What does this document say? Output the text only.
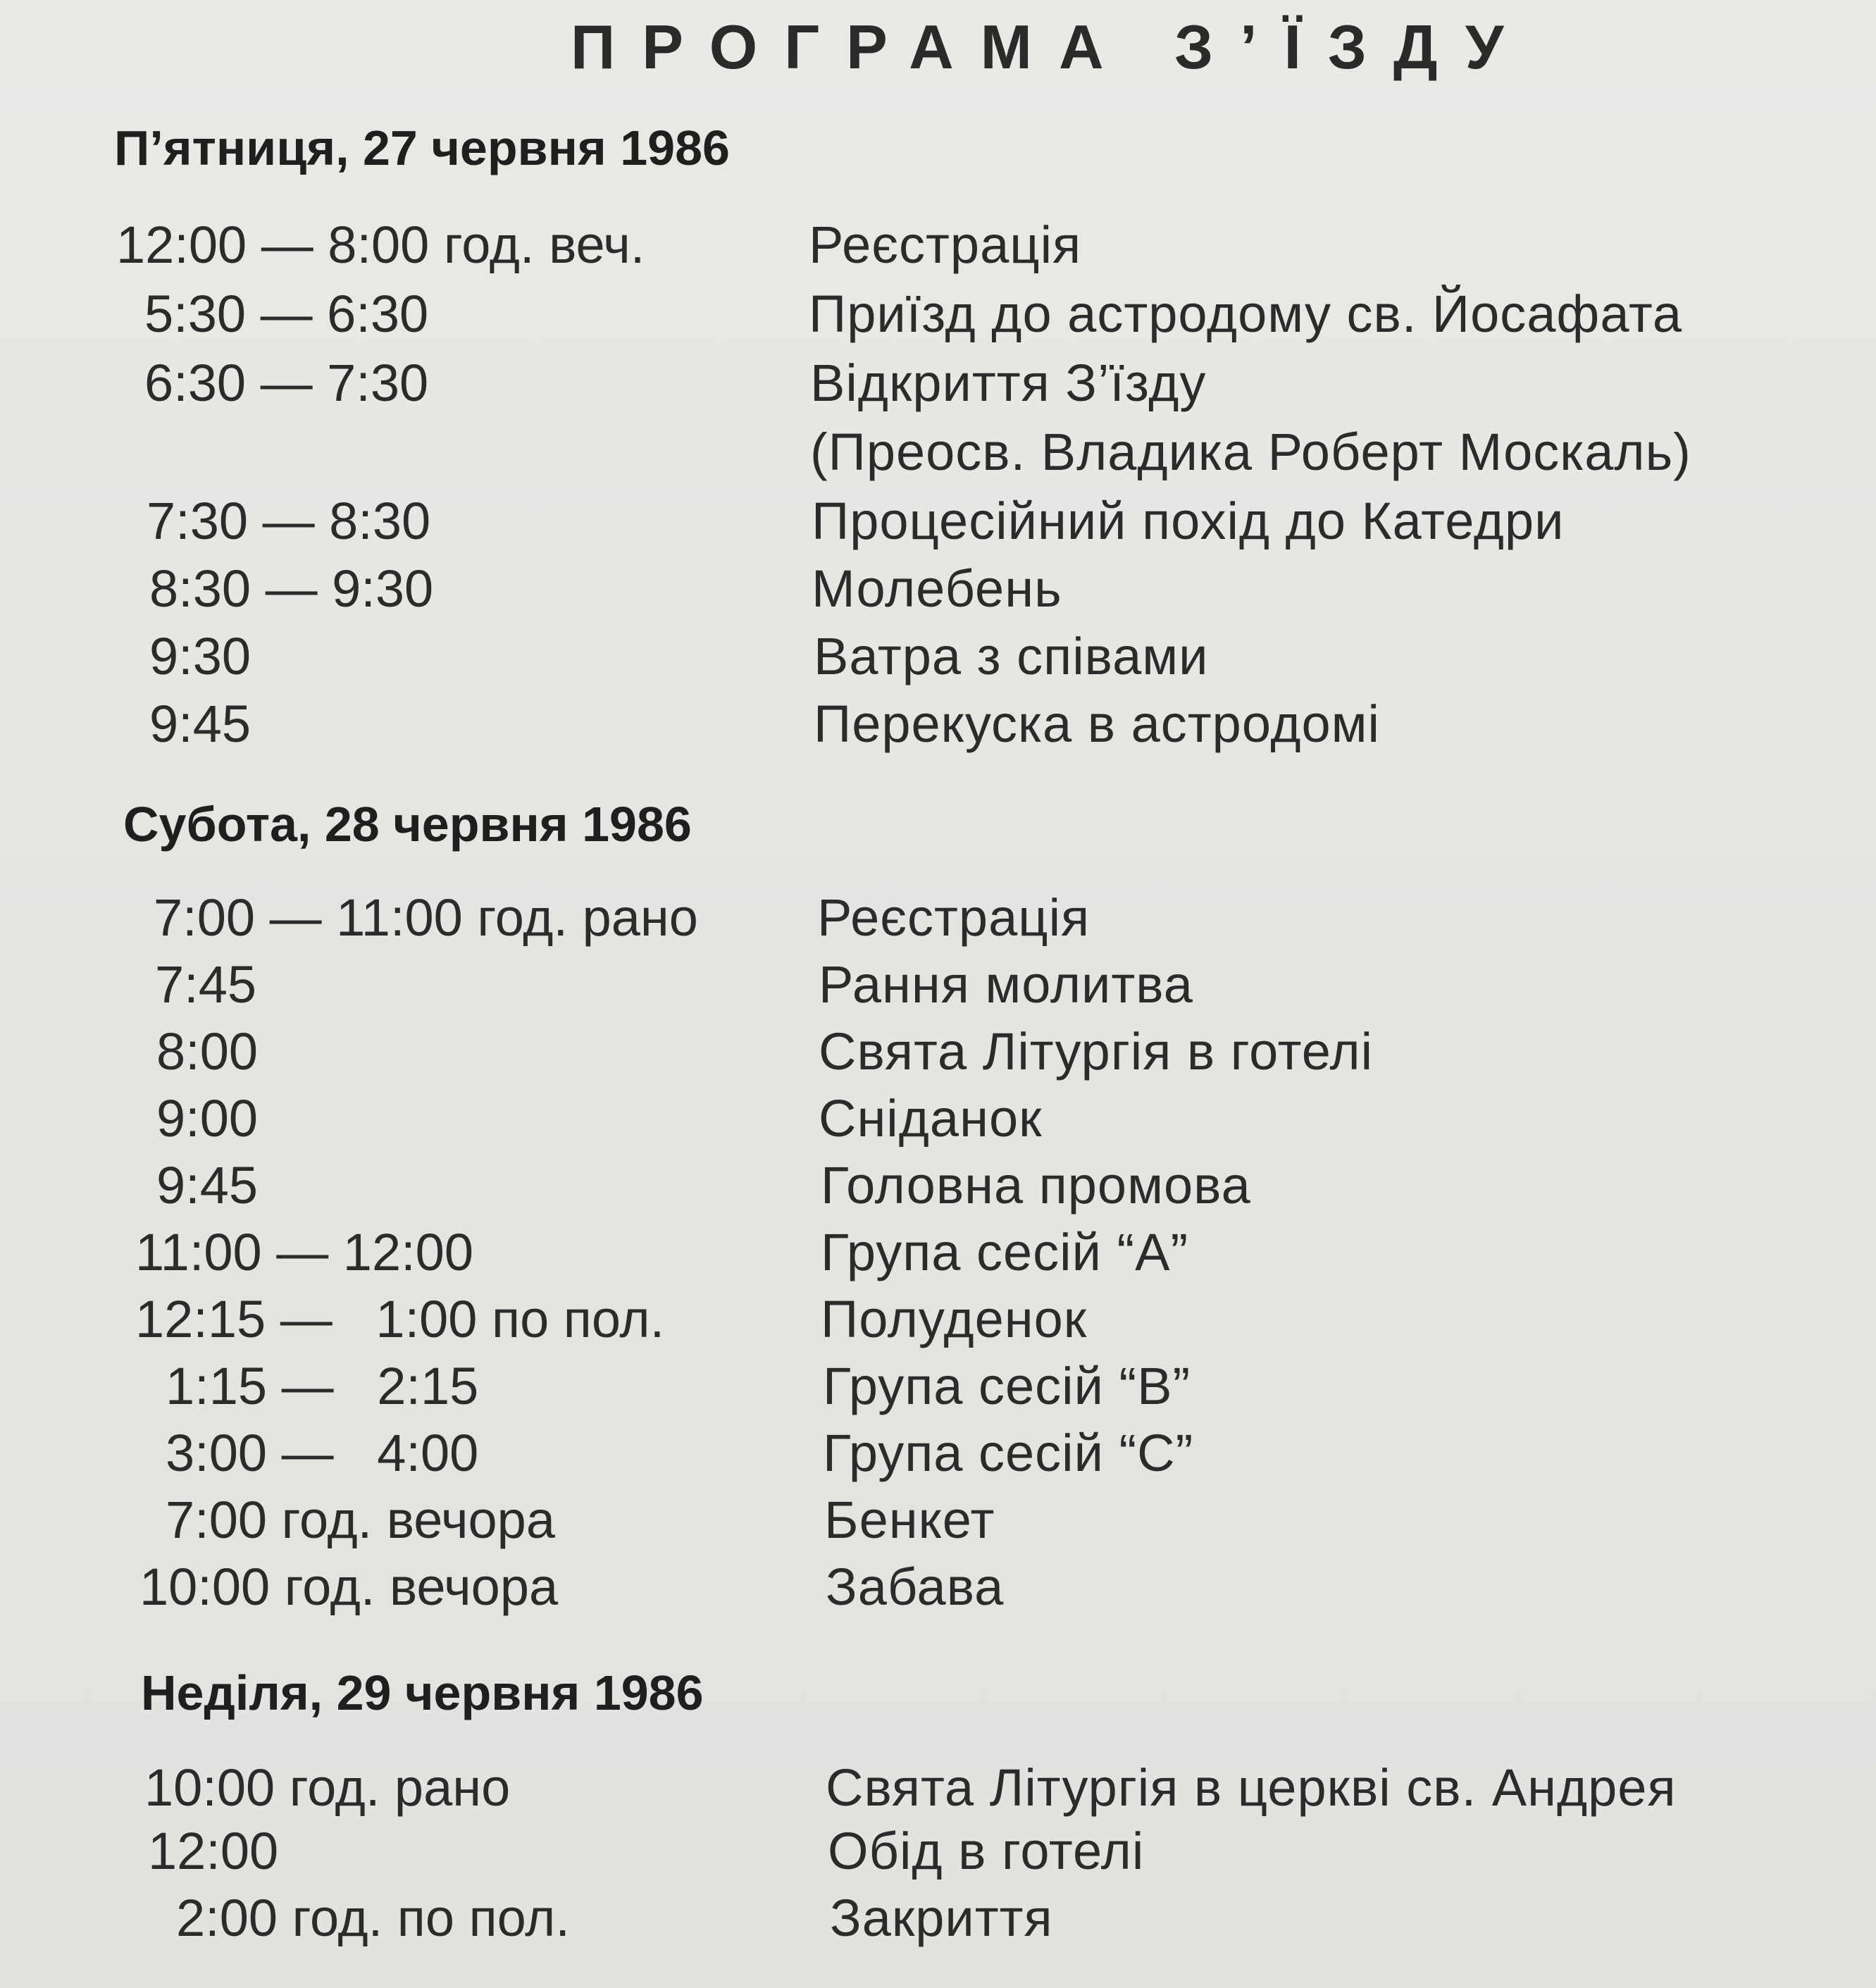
ПРОГРАМА З’ЇЗДУ
П’ятниця, 27 червня 1986
12:00 — 8:00 год. веч.	Реєстрація
5:30 — 6:30	Приїзд до астродому св. Йосафата
6:30 — 7:30	Відкриття З’їзду
(Преосв. Владика Роберт Москаль)
7:30 — 8:30	Процесійний похід до Катедри
8:30 — 9:30	Молебень
9:30	Ватра з співами
9:45	Перекуска в астродомі
Субота, 28 червня 1986
7:00 — 11:00 год. рано Реєстрація
7:45	Рання молитва
8:00	Свята Літургія в готелі
9:00	Сніданок
9:45	Головна промова
11:00 — 12:00	Група сесій “А”
12:15 —   1:00 по пол.	Полуденок
1:15 —   2:15	Група сесій “В”
3:00 —   4:00	Група сесій “С”
7:00 год. вечора	Бенкет
10:00 год. вечора	Забава
Неділя, 29 червня 1986
10:00 год. рано	Свята Літургія в церкві св. Андрея
12:00	Обід в готелі
2:00 год. по пол.	Закриття
